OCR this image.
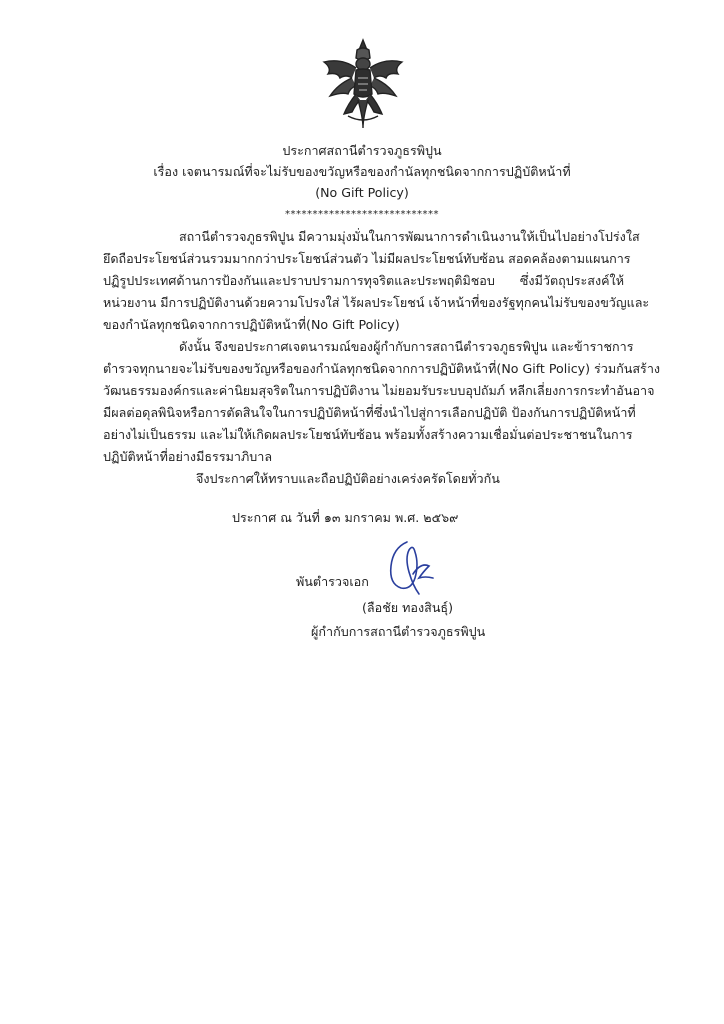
ประกาศสถานีตำรวจภูธรพิปูน
เรื่อง เจตนารมณ์ที่จะไม่รับของขวัญหรือของกำนัลทุกชนิดจากการปฏิบัติหน้าที่
(No Gift Policy)
****************************
สถานีตำรวจภูธรพิปูน มีความมุ่งมั่นในการพัฒนาการดำเนินงานให้เป็นไปอย่างโปร่งใส
ยึดถือประโยชน์ส่วนรวมมากกว่าประโยชน์ส่วนตัว ไม่มีผลประโยชน์ทับซ้อน สอดคล้องตามแผนการ
ปฏิรูปประเทศด้านการป้องกันและปราบปรามการทุจริตและประพฤติมิชอบ ซึ่งมีวัตถุประสงค์ให้
หน่วยงาน มีการปฏิบัติงานด้วยความโปรงใส่ ไร้ผลประโยชน์ เจ้าหน้าที่ของรัฐทุกคนไม่รับของขวัญและ
ของกำนัลทุกชนิดจากการปฏิบัติหน้าที่(No Gift Policy)
ดังนั้น จึงขอประกาศเจตนารมณ์ของผู้กำกับการสถานีตำรวจภูธรพิปูน และข้าราชการ
ตำรวจทุกนายจะไม่รับของขวัญหรือของกำนัลทุกชนิดจากการปฏิบัติหน้าที่(No Gift Policy) ร่วมกันสร้าง
วัฒนธรรมองค์กรและค่านิยมสุจริตในการปฏิบัติงาน ไม่ยอมรับระบบอุปถัมภ์ หลีกเลี่ยงการกระทำอันอาจ
มีผลต่อดุลพินิจหรือการตัดสินใจในการปฏิบัติหน้าที่ซึ่งนำไปสู่การเลือกปฏิบัติ ป้องกันการปฏิบัติหน้าที่
อย่างไม่เป็นธรรม และไม่ให้เกิดผลประโยชน์ทับซ้อน พร้อมทั้งสร้างความเชื่อมั่นต่อประชาชนในการ
ปฏิบัติหน้าที่อย่างมีธรรมาภิบาล
จึงประกาศให้ทราบและถือปฏิบัติอย่างเคร่งครัดโดยทั่วกัน
ประกาศ ณ วันที่ ๑๓ มกราคม พ.ศ. ๒๕๖๙
พันตำรวจเอก
(ลือชัย ทองสินธุ์)
ผู้กำกับการสถานีตำรวจภูธรพิปูน
